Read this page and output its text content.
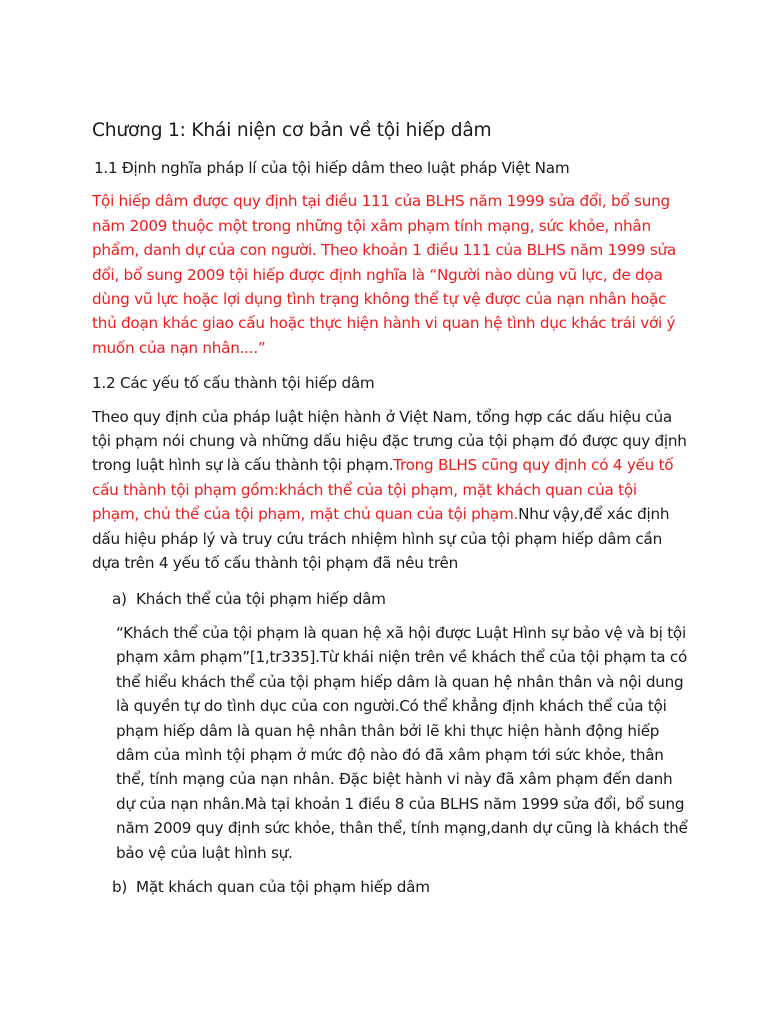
Chương 1: Khái niện cơ bản về tội hiếp dâm
1.1 Định nghĩa pháp lí của tội hiếp dâm theo luật pháp Việt Nam

Tội hiếp dâm được quy định tại điều 111 của BLHS năm 1999 sửa đổi, bổ sung năm 2009 thuộc một trong những tội xâm phạm tính mạng, sức khỏe, nhân phẩm, danh dự của con người. Theo khoản 1 điều 111 của BLHS năm 1999 sửa đổi, bổ sung 2009 tội hiếp được định nghĩa là “Người nào dùng vũ lực, đe dọa dùng vũ lực hoặc lợi dụng tình trạng không thể tự vệ được của nạn nhân hoặc thủ đoạn khác giao cấu hoặc thực hiện hành vi quan hệ tình dục khác trái với ý muốn của nạn nhân....”

1.2 Các yếu tố cấu thành tội hiếp dâm

Theo quy định của pháp luật hiện hành ở Việt Nam, tổng hợp các dấu hiệu của tội phạm nói chung và những dấu hiệu đặc trưng của tội phạm đó được quy định trong luật hình sự là cấu thành tội phạm.Trong BLHS cũng quy định có 4 yếu tố cấu thành tội phạm gồm:khách thể của tội phạm, mặt khách quan của tội phạm, chủ thể của tội phạm, mặt chủ quan của tội phạm.Như vậy,để xác định dấu hiệu pháp lý và truy cứu trách nhiệm hình sự của tội phạm hiếp dâm cần dựa trên 4 yếu tố cấu thành tội phạm đã nêu trên

a) Khách thể của tội phạm hiếp dâm

“Khách thể của tội phạm là quan hệ xã hội được Luật Hình sự bảo vệ và bị tội phạm xâm phạm”[1,tr335].Từ khái niện trên về khách thể của tội phạm ta có thể hiểu khách thể của tội phạm hiếp dâm là quan hệ nhân thân và nội dung là quyền tự do tình dục của con người.Có thể khẳng định khách thể của tội phạm hiếp dâm là quan hệ nhân thân bởi lẽ khi thực hiện hành động hiếp dâm của mình tội phạm ở mức độ nào đó đã xâm phạm tới sức khỏe, thân thể, tính mạng của nạn nhân. Đặc biệt hành vi này đã xâm phạm đến danh dự của nạn nhân.Mà tại khoản 1 điều 8 của BLHS năm 1999 sửa đổi, bổ sung năm 2009 quy định sức khỏe, thân thể, tính mạng,danh dự cũng là khách thể bảo vệ của luật hình sự.

b) Mặt khách quan của tội phạm hiếp dâm
